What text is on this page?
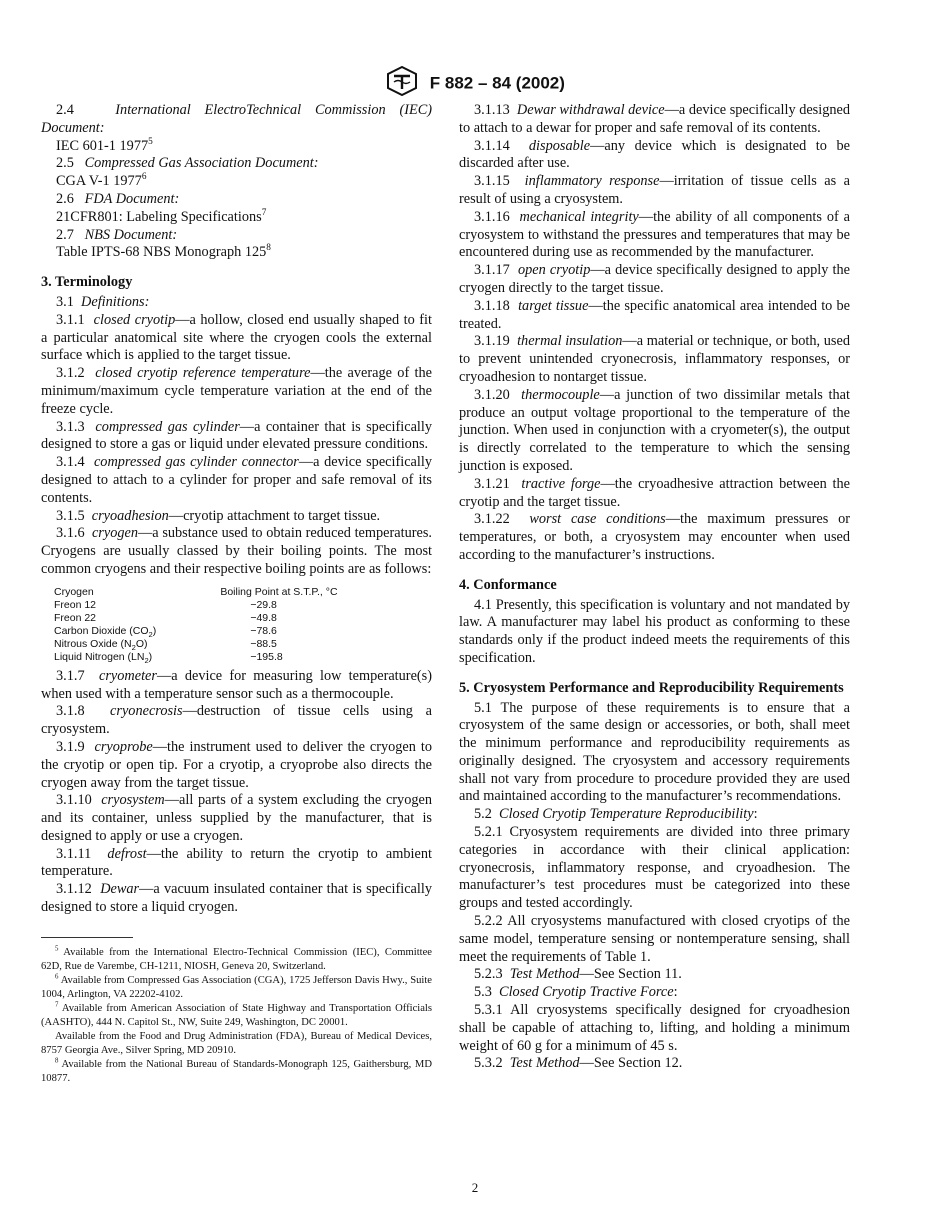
F 882 – 84 (2002)

2.4	International ElectroTechnical Commission (IEC) Document:

IEC 601-1 1977$^5$

2.5 Compressed Gas Association Document:

CGA V-1 1977$^6$

2.6 FDA Document:

21CFR801: Labeling Specifications$^7$

2.7 NBS Document:

Table IPTS-68 NBS Monograph $125^8$

3. Terminology

3.1 Definitions:

3.1.1 closed cryotip—a hollow, closed end usually shaped to fit a particular anatomical site where the cryogen cools the external surface which is applied to the target tissue.

3.1.2 closed cryotip reference temperature—the average of the minimum/maximum cycle temperature variation at the end of the freeze cycle.

3.1.3 compressed gas cylinder—a container that is specifically designed to store a gas or liquid under elevated pressure conditions.

3.1.4 compressed gas cylinder connector—a device specifically designed to attach to a cylinder for proper and safe removal of its contents.

3.1.5 cryoadhesion—cryotip attachment to target tissue.

3.1.6 cryogen—a substance used to obtain reduced temperatures. Cryogens are usually classed by their boiling points. The most common cryogens and their respective boiling points are as follows:

Cryogen	Boiling Point at S.T.P., °C
Freon 12	−29.8
Freon 22	−49.8
Carbon Dioxide $(CO_2)$	−78.6
Nitrous Oxide $(N_2O)$	−88.5
Liquid Nitrogen $(LN_2)$	−195.8

3.1.7 cryometer—a device for measuring low temperature(s) when used with a temperature sensor such as a thermocouple.

3.1.8 cryonecrosis—destruction of tissue cells using a cryosystem.

3.1.9 cryoprobe—the instrument used to deliver the cryogen to the cryotip or open tip. For a cryotip, a cryoprobe also directs the cryogen away from the target tissue.

3.1.10 cryosystem—all parts of a system excluding the cryogen and its container, unless supplied by the manufacturer, that is designed to apply or use a cryogen.

3.1.11 defrost—the ability to return the cryotip to ambient temperature.

3.1.12 Dewar—a vacuum insulated container that is specifically designed to store a liquid cryogen.

$^5$ Available from the International Electro-Technical Commission (IEC), Committee 62D, Rue de Varembe, CH-1211, NIOSH, Geneva 20, Switzerland.

$^6$ Available from Compressed Gas Association (CGA), 1725 Jefferson Davis Hwy., Suite 1004, Arlington, VA 22202-4102.

$^7$ Available from American Association of State Highway and Transportation Officials (AASHTO), 444 N. Capitol St., NW, Suite 249, Washington, DC 20001.

Available from the Food and Drug Administration (FDA), Bureau of Medical Devices, 8757 Georgia Ave., Silver Spring, MD 20910.

$^8$ Available from the National Bureau of Standards-Monograph 125, Gaithersburg, MD 10877.

3.1.13 Dewar withdrawal device—a device specifically designed to attach to a dewar for proper and safe removal of its contents.

3.1.14 disposable—any device which is designated to be discarded after use.

3.1.15 inflammatory response—irritation of tissue cells as a result of using a cryosystem.

3.1.16 mechanical integrity—the ability of all components of a cryosystem to withstand the pressures and temperatures that may be encountered during use as recommended by the manufacturer.

3.1.17 open cryotip—a device specifically designed to apply the cryogen directly to the target tissue.

3.1.18 target tissue—the specific anatomical area intended to be treated.

3.1.19 thermal insulation—a material or technique, or both, used to prevent unintended cryonecrosis, inflammatory responses, or cryoadhesion to nontarget tissue.

3.1.20 thermocouple—a junction of two dissimilar metals that produce an output voltage proportional to the temperature of the junction. When used in conjunction with a cryometer(s), the output is directly correlated to the temperature to which the sensing junction is exposed.

3.1.21 tractive forge—the cryoadhesive attraction between the cryotip and the target tissue.

3.1.22 worst case conditions—the maximum pressures or temperatures, or both, a cryosystem may encounter when used according to the manufacturer’s instructions.

4. Conformance

4.1 Presently, this specification is voluntary and not mandated by law. A manufacturer may label his product as conforming to these standards only if the product indeed meets the requirements of this specification.

5. Cryosystem Performance and Reproducibility Requirements

5.1 The purpose of these requirements is to ensure that a cryosystem of the same design or accessories, or both, shall meet the minimum performance and reproducibility requirements as originally designed. The cryosystem and accessory requirements shall not vary from procedure to procedure provided they are used and maintained according to the manufacturer’s recommendations.

5.2 Closed Cryotip Temperature Reproducibility:

5.2.1 Cryosystem requirements are divided into three primary categories in accordance with their clinical application: cryonecrosis, inflammatory response, and cryoadhesion. The manufacturer’s test procedures must be categorized into these groups and tested accordingly.

5.2.2 All cryosystems manufactured with closed cryotips of the same model, temperature sensing or nontemperature sensing, shall meet the requirements of Table 1.

5.2.3 Test Method—See Section 11.

5.3 Closed Cryotip Tractive Force:

5.3.1 All cryosystems specifically designed for cryoadhesion shall be capable of attaching to, lifting, and holding a minimum weight of 60 g for a minimum of 45 s.

5.3.2 Test Method—See Section 12.

2
